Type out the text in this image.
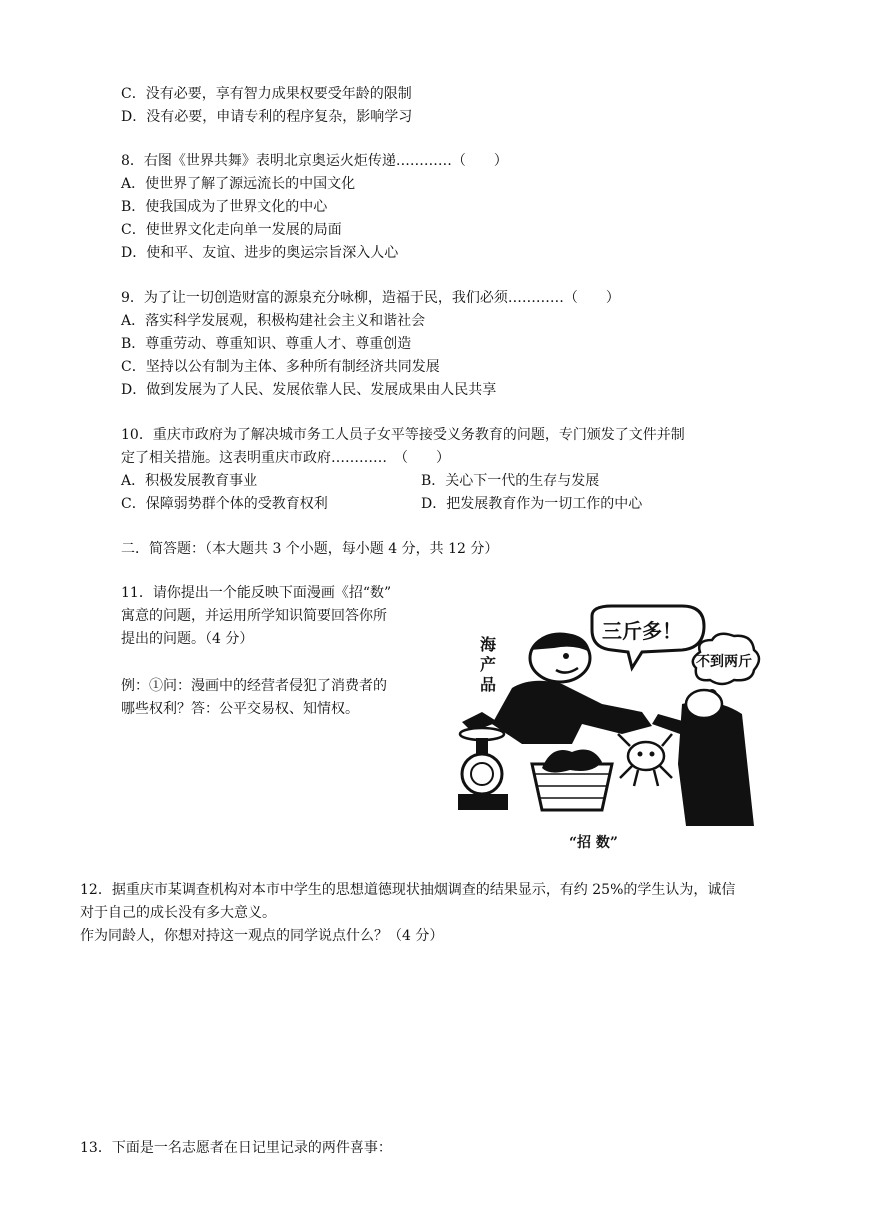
C．没有必要，享有智力成果权要受年龄的限制
D．没有必要，申请专利的程序复杂，影响学习
8．右图《世界共舞》表明北京奥运火炬传递…………（　　）
A．使世界了解了源远流长的中国文化
B．使我国成为了世界文化的中心
C．使世界文化走向单一发展的局面
D．使和平、友谊、进步的奥运宗旨深入人心
9．为了让一切创造财富的源泉充分咏柳，造福于民，我们必须…………（　　）
A．落实科学发展观，积极构建社会主义和谐社会
B．尊重劳动、尊重知识、尊重人才、尊重创造
C．坚持以公有制为主体、多种所有制经济共同发展
D．做到发展为了人民、发展依靠人民、发展成果由人民共享
10．重庆市政府为了解决城市务工人员子女平等接受义务教育的问题，专门颁发了文件并制
定了相关措施。这表明重庆市政府…………　（　　）
A．积极发展教育事业	B．关心下一代的生存与发展
C．保障弱势群个体的受教育权利	D．把发展教育作为一切工作的中心
二．简答题：（本大题共 3 个小题，每小题 4 分，共 12 分）
11．请你提出一个能反映下面漫画《招“数”
寓意的问题，并运用所学知识简要回答你所
提出的问题。（4 分）
例：①问：漫画中的经营者侵犯了消费者的
哪些权利？答：公平交易权、知情权。
海
产
品
三斤多！
不到两斤
“招 数”
12．据重庆市某调查机构对本市中学生的思想道德现状抽烟调查的结果显示，有约 25%的学生认为，诚信
对于自己的成长没有多大意义。
作为同龄人，你想对持这一观点的同学说点什么？（4 分）
13．下面是一名志愿者在日记里记录的两件喜事：
